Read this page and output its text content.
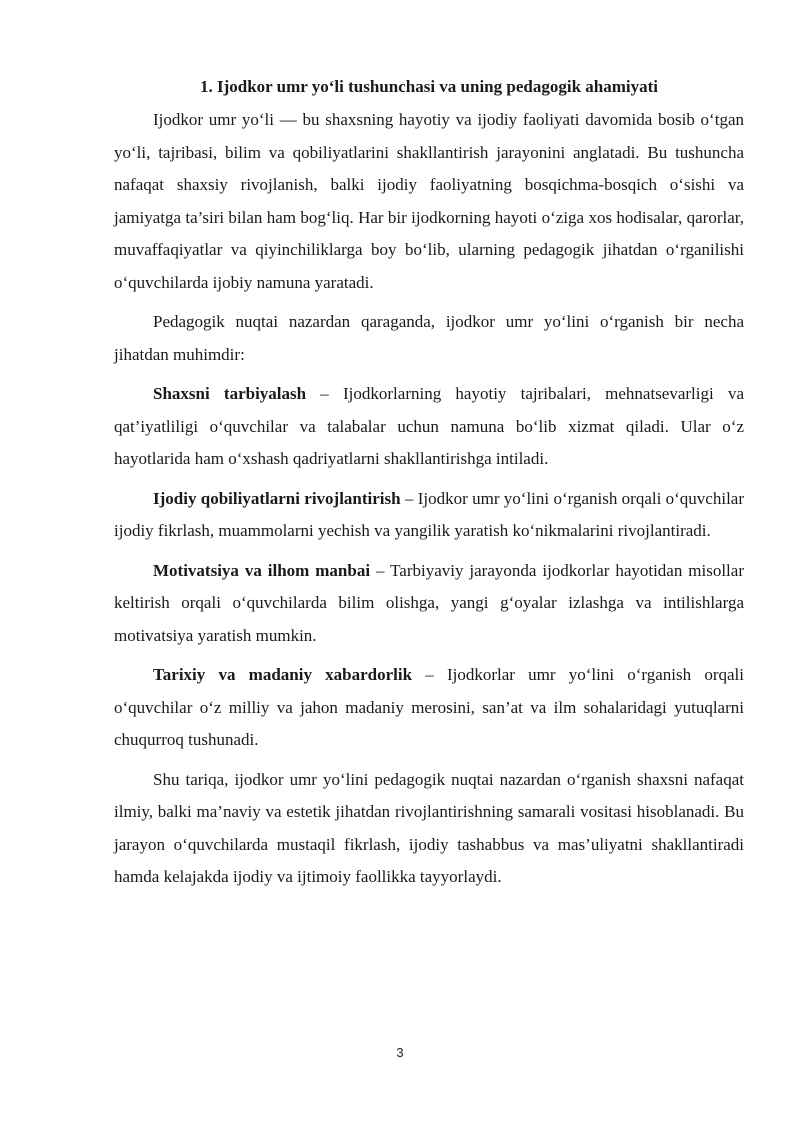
1. Ijodkor umr yo‘li tushunchasi va uning pedagogik ahamiyati

Ijodkor umr yo‘li — bu shaxsning hayotiy va ijodiy faoliyati davomida bosib o‘tgan yo‘li, tajribasi, bilim va qobiliyatlarini shakllantirish jarayonini anglatadi. Bu tushuncha nafaqat shaxsiy rivojlanish, balki ijodiy faoliyatning bosqichma-bosqich o‘sishi va jamiyatga ta’siri bilan ham bog‘liq. Har bir ijodkorning hayoti o‘ziga xos hodisalar, qarorlar, muvaffaqiyatlar va qiyinchiliklarga boy bo‘lib, ularning pedagogik jihatdan o‘rganilishi o‘quvchilarda ijobiy namuna yaratadi.

Pedagogik nuqtai nazardan qaraganda, ijodkor umr yo‘lini o‘rganish bir necha jihatdan muhimdir:

Shaxsni tarbiyalash – Ijodkorlarning hayotiy tajribalari, mehnatsevarligi va qat’iyatliligi o‘quvchilar va talabalar uchun namuna bo‘lib xizmat qiladi. Ular o‘z hayotlarida ham o‘xshash qadriyatlarni shakllantirishga intiladi.

Ijodiy qobiliyatlarni rivojlantirish – Ijodkor umr yo‘lini o‘rganish orqali o‘quvchilar ijodiy fikrlash, muammolarni yechish va yangilik yaratish ko‘nikmalarini rivojlantiradi.

Motivatsiya va ilhom manbai – Tarbiyaviy jarayonda ijodkorlar hayotidan misollar keltirish orqali o‘quvchilarda bilim olishga, yangi g‘oyalar izlashga va intilishlarga motivatsiya yaratish mumkin.

Tarixiy va madaniy xabardorlik – Ijodkorlar umr yo‘lini o‘rganish orqali o‘quvchilar o‘z milliy va jahon madaniy merosini, san’at va ilm sohalaridagi yutuqlarni chuqurroq tushunadi.

Shu tariqa, ijodkor umr yo‘lini pedagogik nuqtai nazardan o‘rganish shaxsni nafaqat ilmiy, balki ma’naviy va estetik jihatdan rivojlantirishning samarali vositasi hisoblanadi. Bu jarayon o‘quvchilarda mustaqil fikrlash, ijodiy tashabbus va mas’uliyatni shakllantiradi hamda kelajakda ijodiy va ijtimoiy faollikka tayyorlaydi.

3
